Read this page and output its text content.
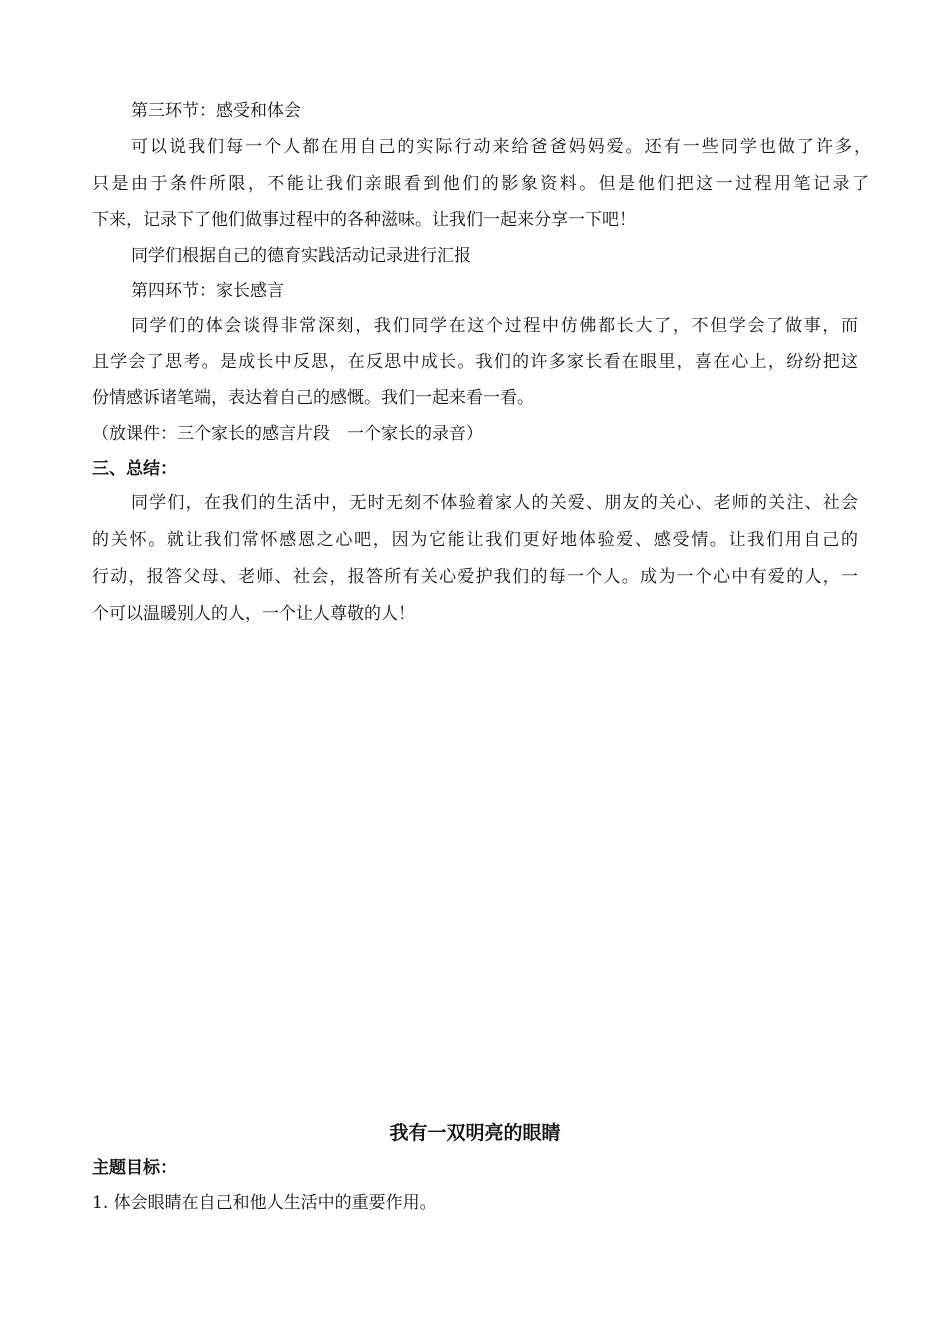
第三环节：感受和体会
可以说我们每一个人都在用自己的实际行动来给爸爸妈妈爱。还有一些同学也做了许多，
只是由于条件所限，不能让我们亲眼看到他们的影象资料。但是他们把这一过程用笔记录了
下来，记录下了他们做事过程中的各种滋味。让我们一起来分享一下吧！
同学们根据自己的德育实践活动记录进行汇报
第四环节：家长感言
同学们的体会谈得非常深刻，我们同学在这个过程中仿佛都长大了，不但学会了做事，而
且学会了思考。是成长中反思，在反思中成长。我们的许多家长看在眼里，喜在心上，纷纷把这
份情感诉诸笔端，表达着自己的感慨。我们一起来看一看。
（放课件：三个家长的感言片段　一个家长的录音）
三、总结：
同学们，在我们的生活中，无时无刻不体验着家人的关爱、朋友的关心、老师的关注、社会
的关怀。就让我们常怀感恩之心吧，因为它能让我们更好地体验爱、感受情。让我们用自己的
行动，报答父母、老师、社会，报答所有关心爱护我们的每一个人。成为一个心中有爱的人，一
个可以温暖别人的人，一个让人尊敬的人！
我有一双明亮的眼睛
主题目标：
1. 体会眼睛在自己和他人生活中的重要作用。
